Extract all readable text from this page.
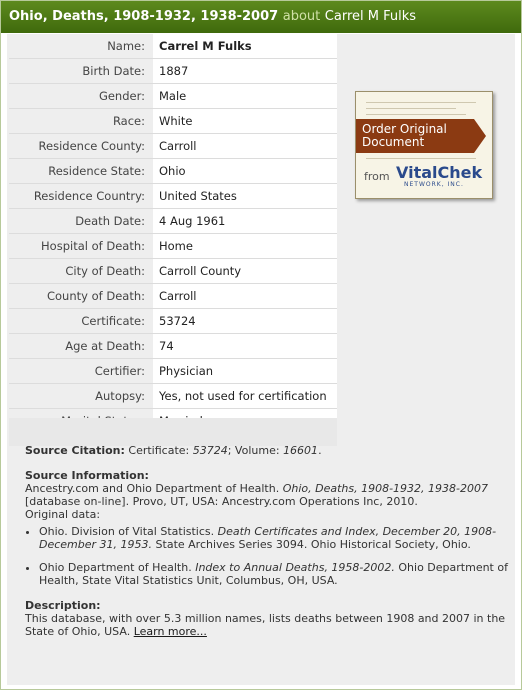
Ohio, Deaths, 1908-1932, 1938-2007 about Carrel M Fulks
Name:	Carrel M Fulks
Birth Date:	1887
Gender:	Male
Race:	White
Residence County:	Carroll
Residence State:	Ohio
Residence Country:	United States
Death Date:	4 Aug 1961
Hospital of Death:	Home
City of Death:	Carroll County
County of Death:	Carroll
Certificate:	53724
Age at Death:	74
Certifier:	Physician
Autopsy:	Yes, not used for certification

Order Original
Document
from VitalChek
NETWORK, INC.
Source Citation: Certificate: 53724; Volume: 16601.
Source Information:
Ancestry.com and Ohio Department of Health. Ohio, Deaths, 1908-1932, 1938-2007 [database on-line]. Provo, UT, USA: Ancestry.com Operations Inc, 2010.
Original data:
• Ohio. Division of Vital Statistics. Death Certificates and Index, December 20, 1908-December 31, 1953. State Archives Series 3094. Ohio Historical Society, Ohio.
• Ohio Department of Health. Index to Annual Deaths, 1958-2002. Ohio Department of Health, State Vital Statistics Unit, Columbus, OH, USA.
Description:
This database, with over 5.3 million names, lists deaths between 1908 and 2007 in the State of Ohio, USA. Learn more...
